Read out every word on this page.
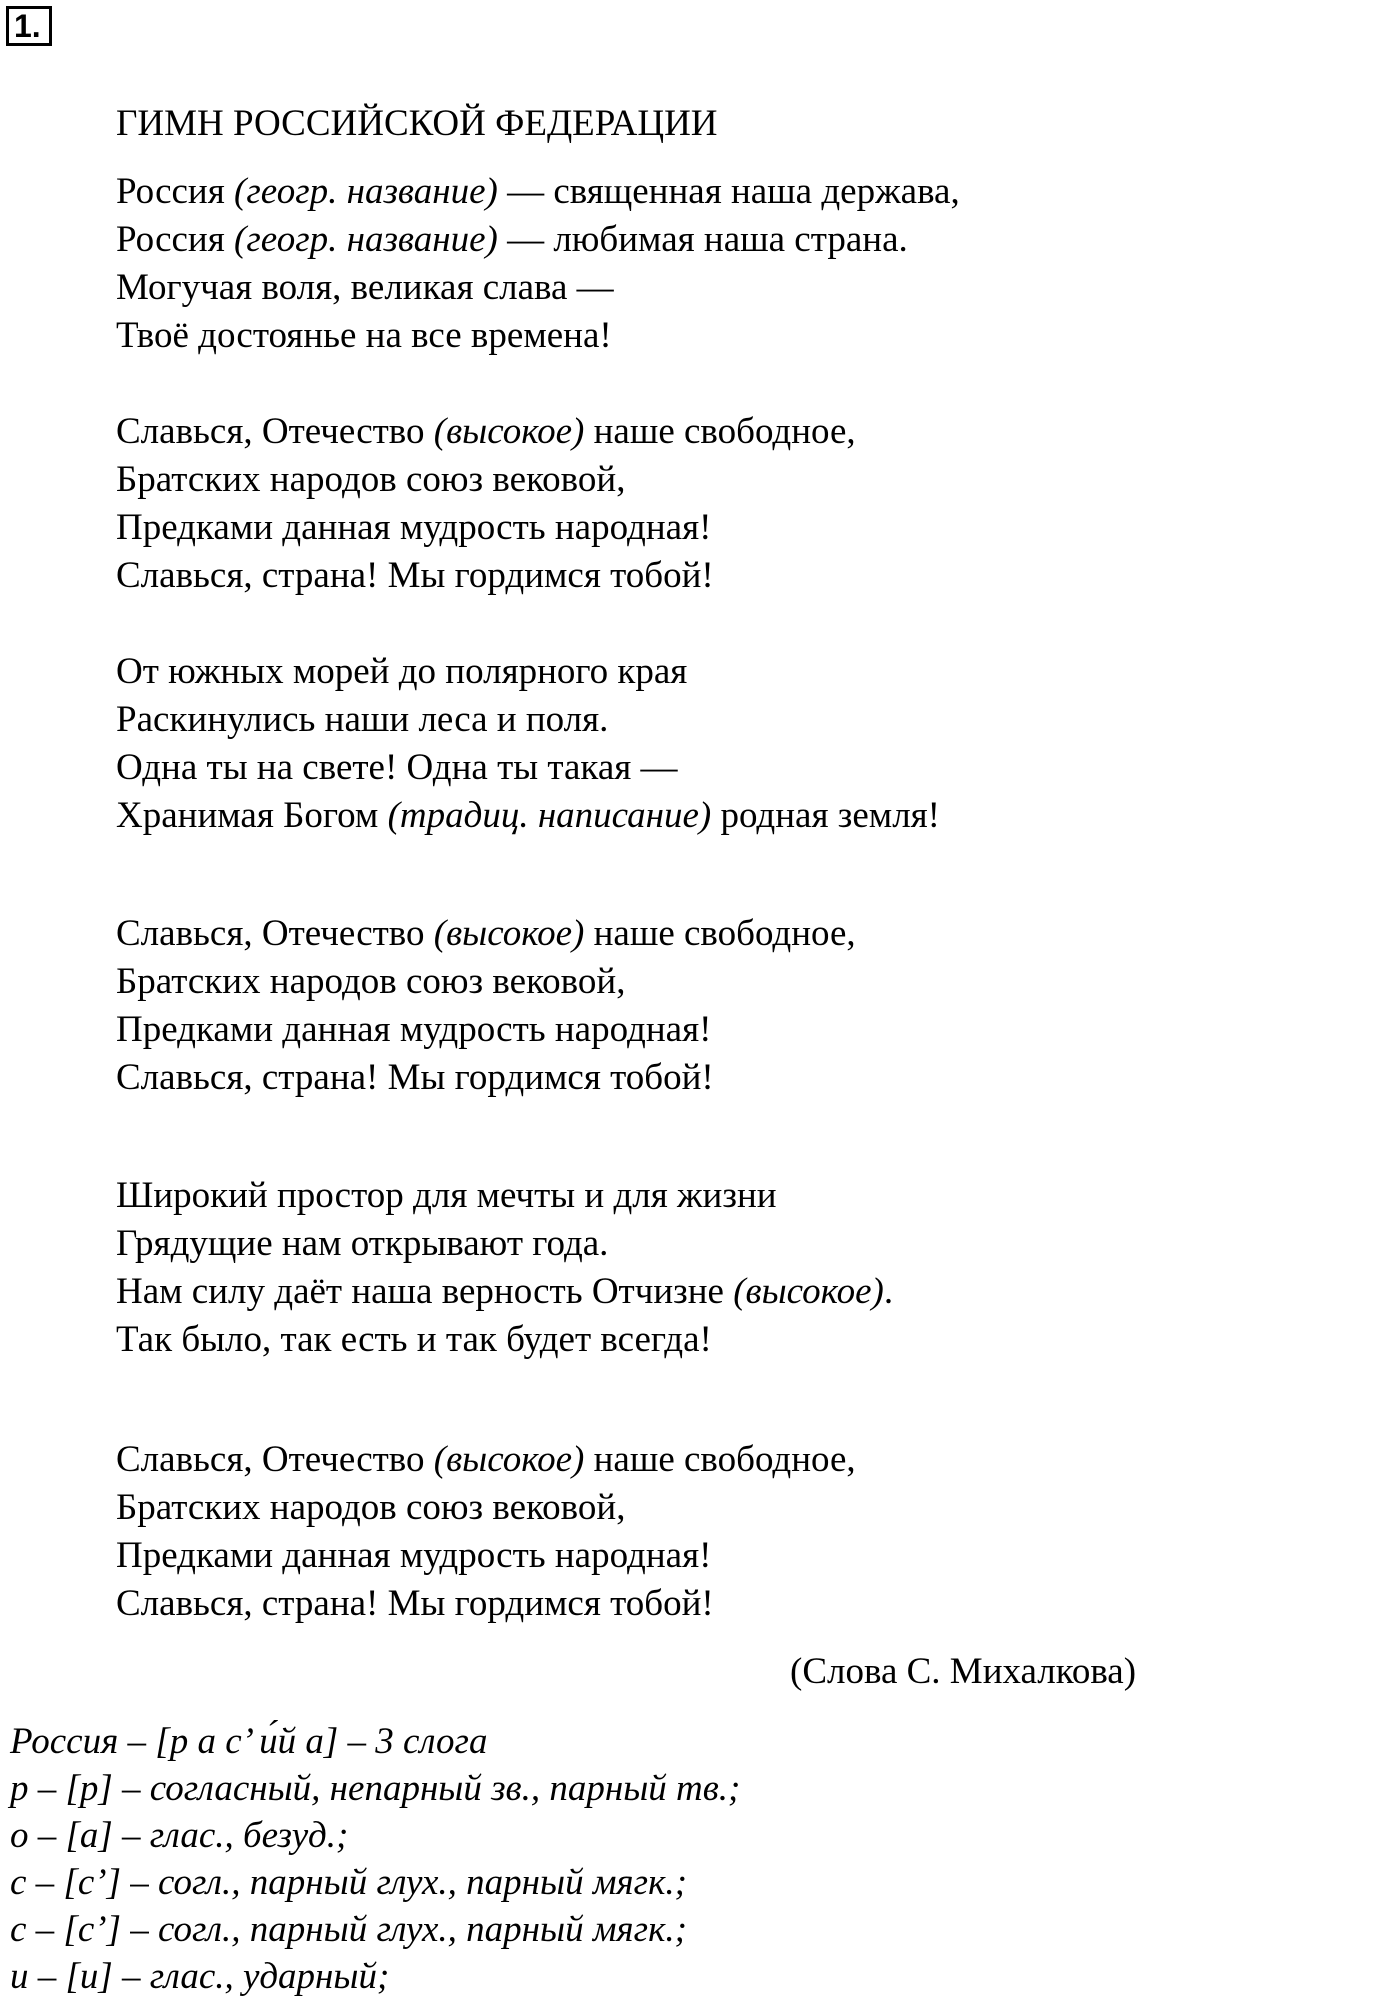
1.
ГИМН РОССИЙСКОЙ ФЕДЕРАЦИИ
Россия (геогр. название) — священная наша держава,
Россия (геогр. название) — любимая наша страна.
Могучая воля, великая слава —
Твоё достоянье на все времена!
Славься, Отечество (высокое) наше свободное,
Братских народов союз вековой,
Предками данная мудрость народная!
Славься, страна! Мы гордимся тобой!
От южных морей до полярного края
Раскинулись наши леса и поля.
Одна ты на свете! Одна ты такая —
Хранимая Богом (традиц. написание) родная земля!
Славься, Отечество (высокое) наше свободное,
Братских народов союз вековой,
Предками данная мудрость народная!
Славься, страна! Мы гордимся тобой!
Широкий простор для мечты и для жизни
Грядущие нам открывают года.
Нам силу даёт наша верность Отчизне (высокое).
Так было, так есть и так будет всегда!
Славься, Отечество (высокое) наше свободное,
Братских народов союз вековой,
Предками данная мудрость народная!
Славься, страна! Мы гордимся тобой!
(Слова С. Михалкова)
Россия – [р а с’ и́й а] – 3 слога
р – [р] – согласный, непарный зв., парный тв.;
о – [а] – глас., безуд.;
с – [с’] – согл., парный глух., парный мягк.;
с – [с’] – согл., парный глух., парный мягк.;
и – [и] – глас., ударный;
